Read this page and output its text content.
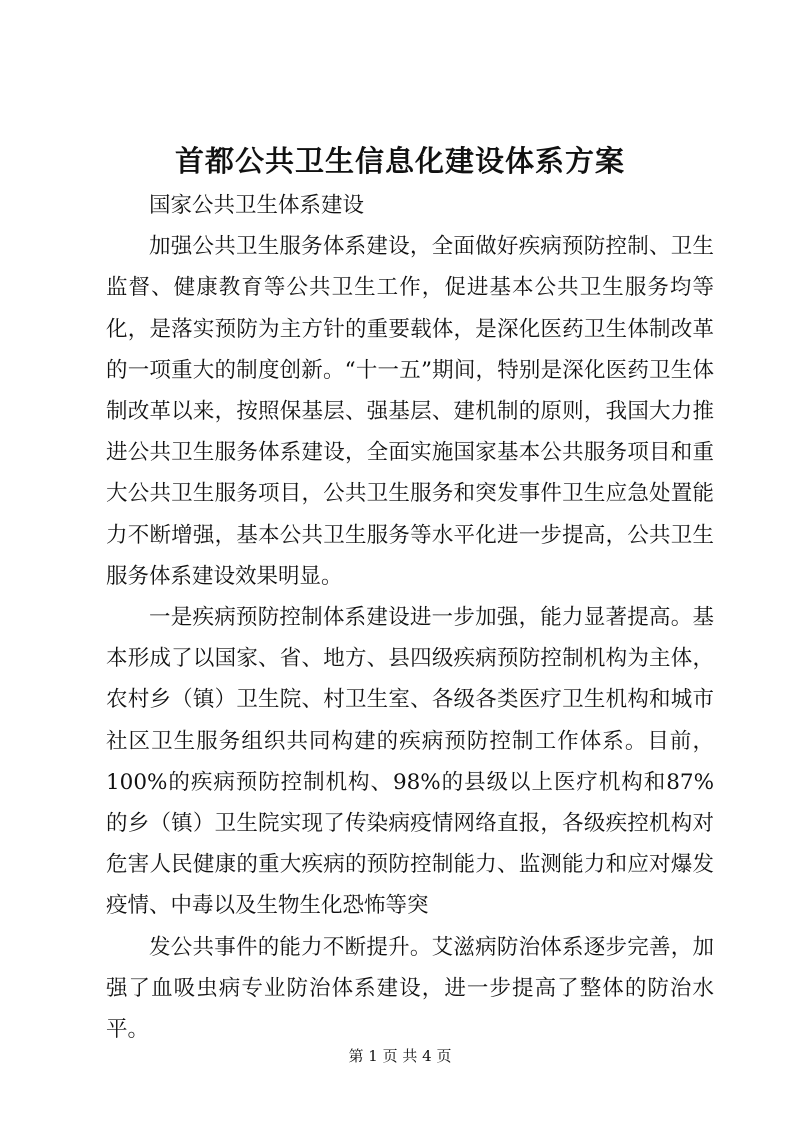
首都公共卫生信息化建设体系方案

国家公共卫生体系建设

加强公共卫生服务体系建设，全面做好疾病预防控制、卫生监督、健康教育等公共卫生工作，促进基本公共卫生服务均等化，是落实预防为主方针的重要载体，是深化医药卫生体制改革的一项重大的制度创新。“十一五”期间，特别是深化医药卫生体制改革以来，按照保基层、强基层、建机制的原则，我国大力推进公共卫生服务体系建设，全面实施国家基本公共服务项目和重大公共卫生服务项目，公共卫生服务和突发事件卫生应急处置能力不断增强，基本公共卫生服务等水平化进一步提高，公共卫生服务体系建设效果明显。

一是疾病预防控制体系建设进一步加强，能力显著提高。基本形成了以国家、省、地方、县四级疾病预防控制机构为主体，农村乡（镇）卫生院、村卫生室、各级各类医疗卫生机构和城市社区卫生服务组织共同构建的疾病预防控制工作体系。目前，100%的疾病预防控制机构、98%的县级以上医疗机构和87%的乡（镇）卫生院实现了传染病疫情网络直报，各级疾控机构对危害人民健康的重大疾病的预防控制能力、监测能力和应对爆发疫情、中毒以及生物生化恐怖等突

发公共事件的能力不断提升。艾滋病防治体系逐步完善，加强了血吸虫病专业防治体系建设，进一步提高了整体的防治水平。

第 1 页 共 4 页
